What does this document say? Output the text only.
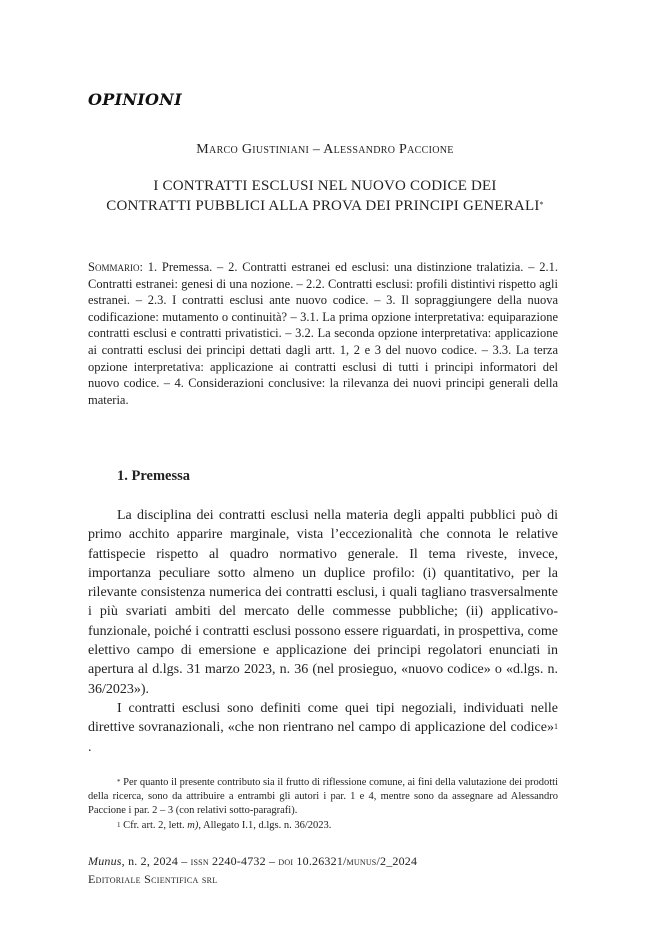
OPINIONI
Marco Giustiniani – Alessandro Paccione
I CONTRATTI ESCLUSI NEL NUOVO CODICE DEI
CONTRATTI PUBBLICI ALLA PROVA DEI PRINCIPI GENERALI*
Sommario: 1. Premessa. – 2. Contratti estranei ed esclusi: una distinzione tralatizia. – 2.1. Contratti estranei: genesi di una nozione. – 2.2. Contratti esclusi: profili distintivi rispetto agli estranei. – 2.3. I contratti esclusi ante nuovo codice. – 3. Il sopraggiungere della nuova codificazione: mutamento o continuità? – 3.1. La prima opzione interpretativa: equiparazione contratti esclusi e contratti privatistici. – 3.2. La seconda opzione interpretativa: applicazione ai contratti esclusi dei principi dettati dagli artt. 1, 2 e 3 del nuovo codice. – 3.3. La terza opzione interpretativa: applicazione ai contratti esclusi di tutti i principi informatori del nuovo codice. – 4. Considerazioni conclusive: la rilevanza dei nuovi principi generali della materia.
1. Premessa

La disciplina dei contratti esclusi nella materia degli appalti pubblici può di primo acchito apparire marginale, vista l’eccezionalità che connota le relative fattispecie rispetto al quadro normativo generale. Il tema riveste, invece, importanza peculiare sotto almeno un duplice profilo: (i) quantitativo, per la rilevante consistenza numerica dei contratti esclusi, i quali tagliano trasversalmente i più svariati ambiti del mercato delle commesse pubbliche; (ii) applicativo-funzionale, poiché i contratti esclusi possono essere riguardati, in prospettiva, come elettivo campo di emersione e applicazione dei principi regolatori enunciati in apertura al d.lgs. 31 marzo 2023, n. 36 (nel prosieguo, «nuovo codice» o «d.lgs. n. 36/2023»).

I contratti esclusi sono definiti come quei tipi negoziali, individuati nelle direttive sovranazionali, «che non rientrano nel campo di applicazione del codice»$^1$ .

* Per quanto il presente contributo sia il frutto di riflessione comune, ai fini della valutazione dei prodotti della ricerca, sono da attribuire a entrambi gli autori i par. 1 e 4, mentre sono da assegnare ad Alessandro Paccione i par. 2 – 3 (con relativi sotto-paragrafi).

$^1$ Cfr. art. 2, lett. m), Allegato I.1, d.lgs. n. 36/2023.

Munus, n. 2, 2024 – issn 2240-4732 – doi 10.26321/munus/2_2024
Editoriale Scientifica srl
